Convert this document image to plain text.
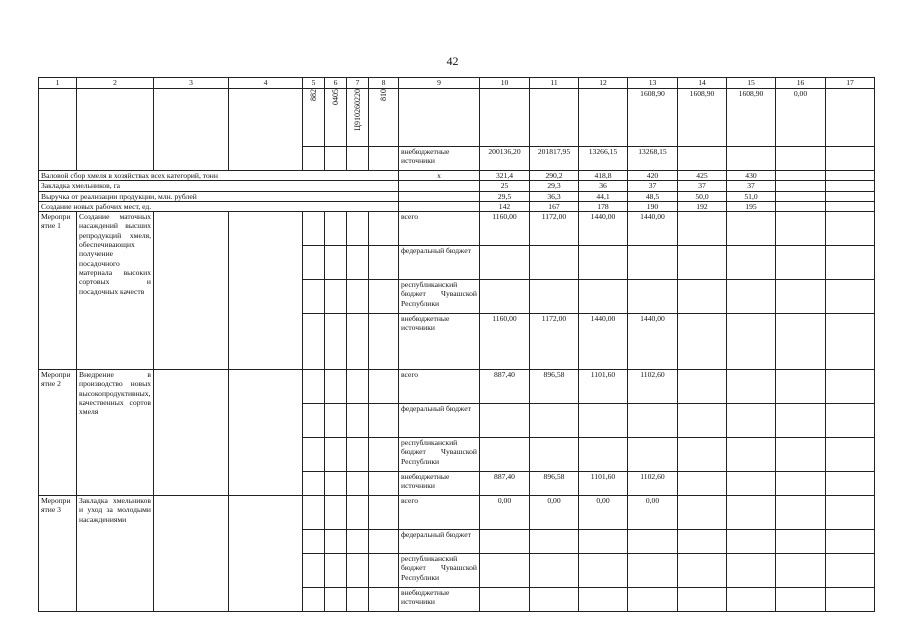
42
1	2	3	4	5	6	7	8	9	10	11	12	13	14	15	16	17
				882	0405	Ц910260220	810					1608,90	1608,90	1608,90	0,00	
								внебюджетные источники	200136,20	201817,95	13266,15	13268,15				
Валовой сбор хмеля в хозяйствах всех категорий, тонн								х	321,4	290,2	418,8	420	425	430		
Закладка хмельников, га									25	29,3	36	37	37	37		
Выручка от реализации продукции, млн. рублей									29,5	36,3	44,1	48,5	50,0	51,0		
Создание новых рабочих мест, ед.									142	167	178	190	192	195		
Мероприятие 1	Создание маточных насаждений высших репродукций хмеля, обеспечивающих получение посадочного материала высоких сортовых и посадочных качеств							всего	1160,00	1172,00	1440,00	1440,00				
								федеральный бюджет								
								республиканский бюджет Чувашской Республики								
								внебюджетные источники	1160,00	1172,00	1440,00	1440,00				
Мероприятие 2	Внедрение в производство новых высокопродуктивных, качественных сортов хмеля							всего	887,40	896,58	1101,60	1102,60				
								федеральный бюджет								
								республиканский бюджет Чувашской Республики								
								внебюджетные источники	887,40	896,58	1101,60	1102,60				
Мероприятие 3	Закладка хмельников и уход за молодыми насаждениями							всего	0,00	0,00	0,00	0,00				
								федеральный бюджет								
								республиканский бюджет Чувашской Республики								
								внебюджетные источники								
